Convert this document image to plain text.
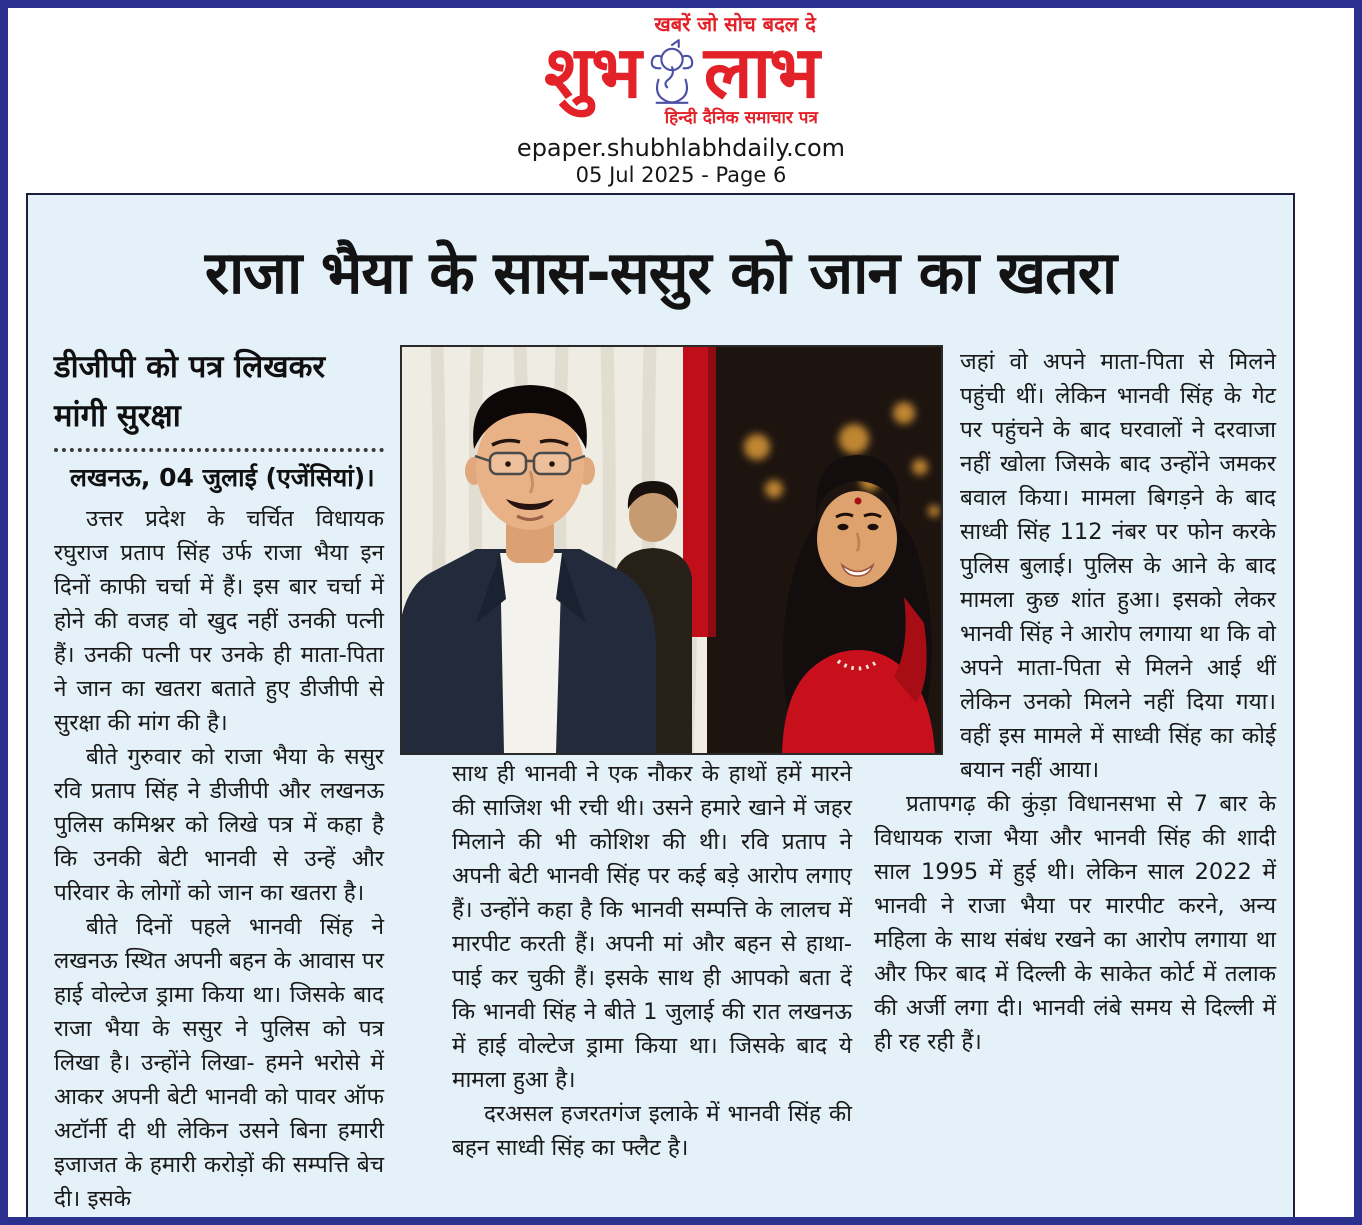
खबरें जो सोच बदल दे
शुभ लाभ
हिन्दी दैनिक समाचार पत्र
epaper.shubhlabhdaily.com
05 Jul 2025 - Page 6
राजा भैया के सास-ससुर को जान का खतरा
डीजीपी को पत्र लिखकर मांगी सुरक्षा
लखनऊ, 04 जुलाई (एजेंसियां)।

उत्तर प्रदेश के चर्चित विधायक रघुराज प्रताप सिंह उर्फ राजा भैया इन दिनों काफी चर्चा में हैं। इस बार चर्चा में होने की वजह वो खुद नहीं उनकी पत्नी हैं। उनकी पत्नी पर उनके ही माता-पिता ने जान का खतरा बताते हुए डीजीपी से सुरक्षा की मांग की है।

बीते गुरुवार को राजा भैया के ससुर रवि प्रताप सिंह ने डीजीपी और लखनऊ पुलिस कमिश्नर को लिखे पत्र में कहा है कि उनकी बेटी भानवी से उन्हें और परिवार के लोगों को जान का खतरा है।

बीते दिनों पहले भानवी सिंह ने लखनऊ स्थित अपनी बहन के आवास पर हाई वोल्टेज ड्रामा किया था। जिसके बाद राजा भैया के ससुर ने पुलिस को पत्र लिखा है। उन्होंने लिखा- हमने भरोसे में आकर अपनी बेटी भानवी को पावर ऑफ अटॉर्नी दी थी लेकिन उसने बिना हमारी इजाजत के हमारी करोड़ों की सम्पत्ति बेच दी। इसके

साथ ही भानवी ने एक नौकर के हाथों हमें मारने की साजिश भी रची थी। उसने हमारे खाने में जहर मिलाने की भी कोशिश की थी। रवि प्रताप ने अपनी बेटी भानवी सिंह पर कई बड़े आरोप लगाए हैं। उन्होंने कहा है कि भानवी सम्पत्ति के लालच में मारपीट करती हैं। अपनी मां और बहन से हाथा-पाई कर चुकी हैं। इसके साथ ही आपको बता दें कि भानवी सिंह ने बीते 1 जुलाई की रात लखनऊ में हाई वोल्टेज ड्रामा किया था। जिसके बाद ये मामला हुआ है।

दरअसल हजरतगंज इलाके में भानवी सिंह की बहन साध्वी सिंह का फ्लैट है।

जहां वो अपने माता-पिता से मिलने पहुंची थीं। लेकिन भानवी सिंह के गेट पर पहुंचने के बाद घरवालों ने दरवाजा नहीं खोला जिसके बाद उन्होंने जमकर बवाल किया। मामला बिगड़ने के बाद साध्वी सिंह 112 नंबर पर फोन करके पुलिस बुलाई। पुलिस के आने के बाद मामला कुछ शांत हुआ। इसको लेकर भानवी सिंह ने आरोप लगाया था कि वो अपने माता-पिता से मिलने आई थीं लेकिन उनको मिलने नहीं दिया गया। वहीं इस मामले में साध्वी सिंह का कोई बयान नहीं आया।

प्रतापगढ़ की कुंड़ा विधानसभा से 7 बार के विधायक राजा भैया और भानवी सिंह की शादी साल 1995 में हुई थी। लेकिन साल 2022 में भानवी ने राजा भैया पर मारपीट करने, अन्य महिला के साथ संबंध रखने का आरोप लगाया था और फिर बाद में दिल्ली के साकेत कोर्ट में तलाक की अर्जी लगा दी। भानवी लंबे समय से दिल्ली में ही रह रही हैं।
